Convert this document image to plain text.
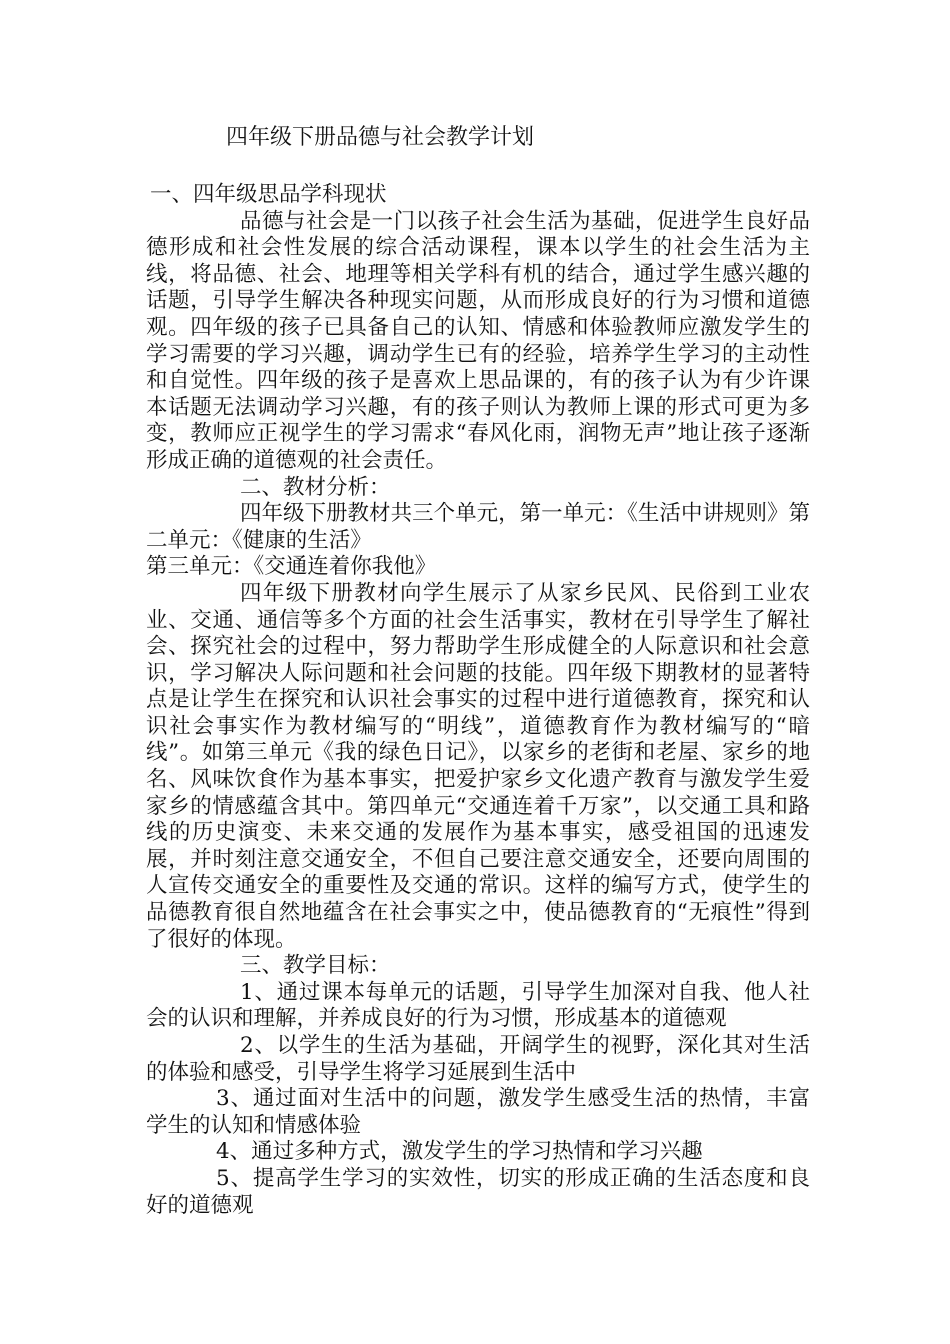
四年级下册品德与社会教学计划

一、四年级思品学科现状

品德与社会是一门以孩子社会生活为基础，促进学生良好品德形成和社会性发展的综合活动课程，课本以学生的社会生活为主线，将品德、社会、地理等相关学科有机的结合，通过学生感兴趣的话题，引导学生解决各种现实问题，从而形成良好的行为习惯和道德观。四年级的孩子已具备自己的认知、情感和体验教师应激发学生的学习需要的学习兴趣，调动学生已有的经验，培养学生学习的主动性和自觉性。四年级的孩子是喜欢上思品课的，有的孩子认为有少许课本话题无法调动学习兴趣，有的孩子则认为教师上课的形式可更为多变，教师应正视学生的学习需求“春风化雨，润物无声”地让孩子逐渐形成正确的道德观的社会责任。

二、教材分析：

四年级下册教材共三个单元，第一单元：《生活中讲规则》第二单元：《健康的生活》

第三单元：《交通连着你我他》

四年级下册教材向学生展示了从家乡民风、民俗到工业农业、交通、通信等多个方面的社会生活事实，教材在引导学生了解社会、探究社会的过程中，努力帮助学生形成健全的人际意识和社会意识，学习解决人际问题和社会问题的技能。四年级下期教材的显著特点是让学生在探究和认识社会事实的过程中进行道德教育，探究和认识社会事实作为教材编写的“明线”，道德教育作为教材编写的“暗线”。如第三单元《我的绿色日记》，以家乡的老街和老屋、家乡的地名、风味饮食作为基本事实，把爱护家乡文化遗产教育与激发学生爱家乡的情感蕴含其中。第四单元“交通连着千万家”，以交通工具和路线的历史演变、未来交通的发展作为基本事实，感受祖国的迅速发展，并时刻注意交通安全，不但自己要注意交通安全，还要向周围的人宣传交通安全的重要性及交通的常识。这样的编写方式，使学生的品德教育很自然地蕴含在社会事实之中，使品德教育的“无痕性”得到了很好的体现。

三、教学目标：

1、通过课本每单元的话题，引导学生加深对自我、他人社会的认识和理解，并养成良好的行为习惯，形成基本的道德观

2、以学生的生活为基础，开阔学生的视野，深化其对生活的体验和感受，引导学生将学习延展到生活中

3、通过面对生活中的问题，激发学生感受生活的热情，丰富学生的认知和情感体验

4、通过多种方式，激发学生的学习热情和学习兴趣

5、提高学生学习的实效性，切实的形成正确的生活态度和良好的道德观
